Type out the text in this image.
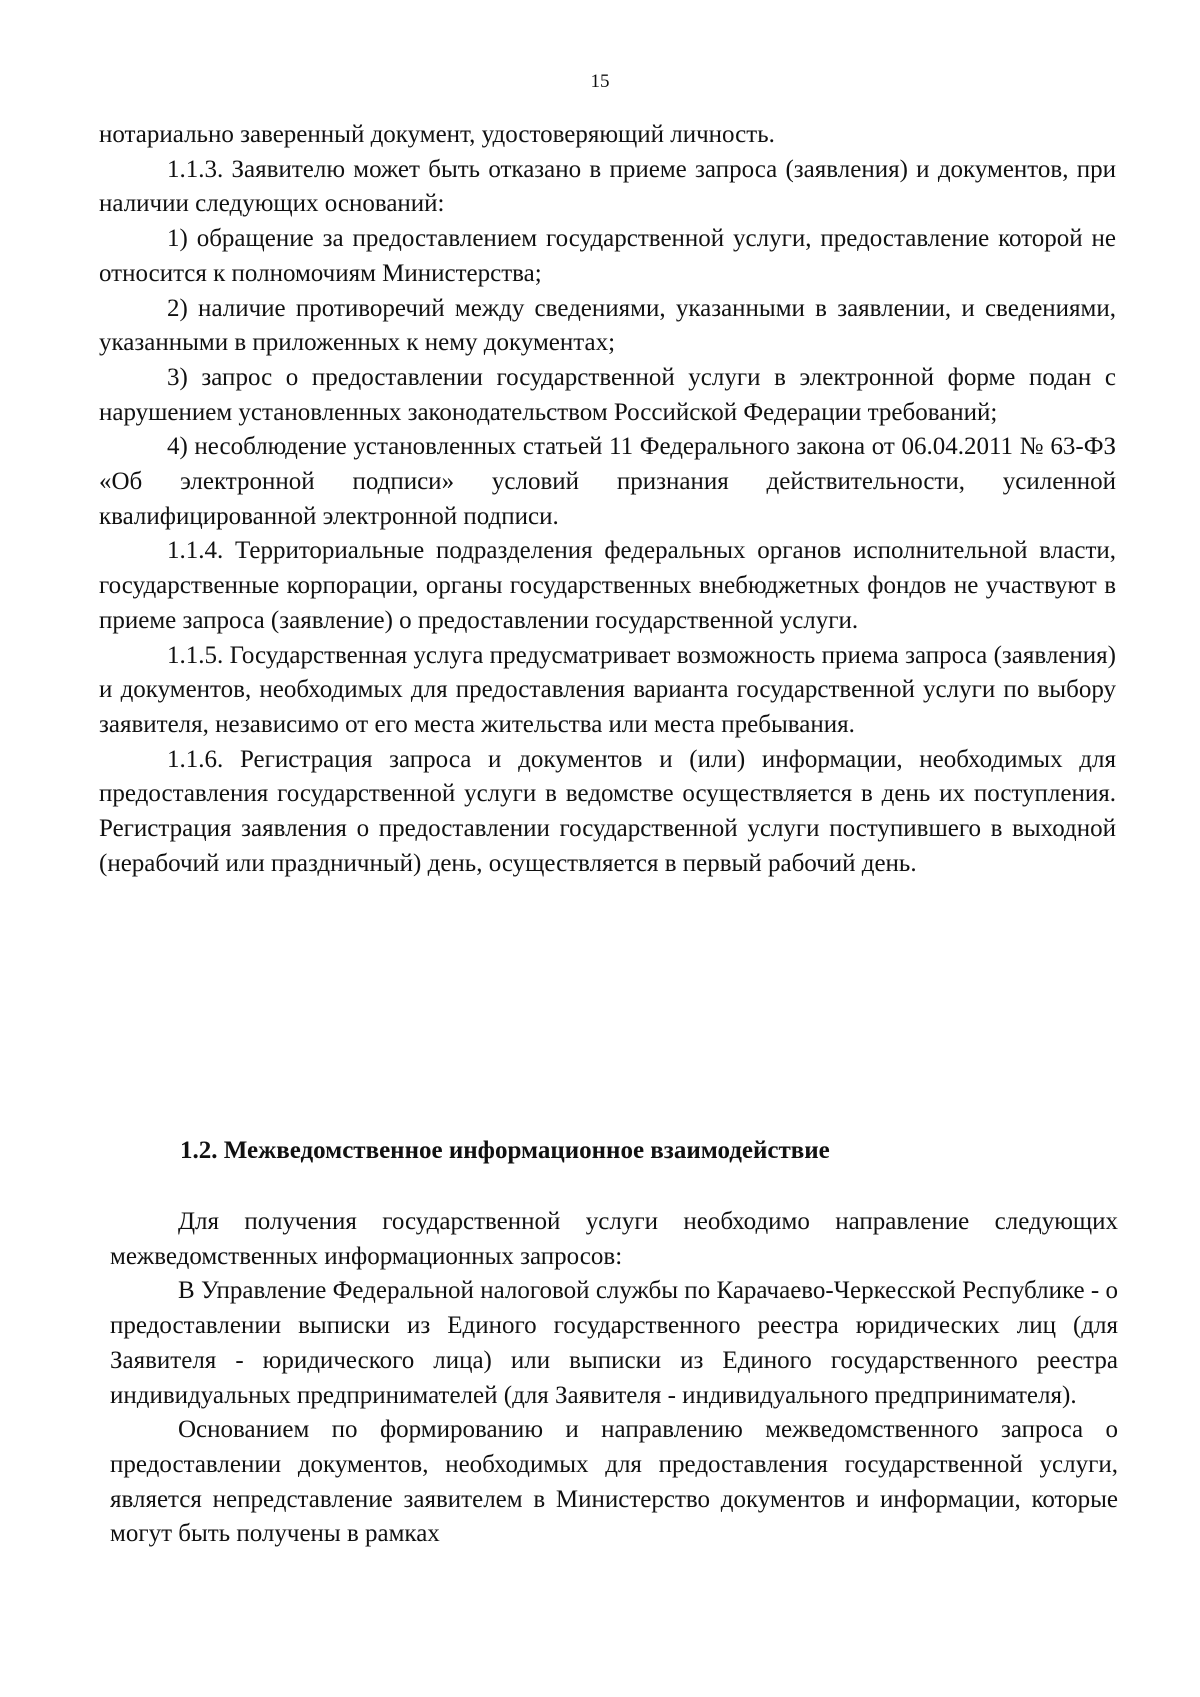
15

нотариально заверенный документ, удостоверяющий личность.

1.1.3. Заявителю может быть отказано в приеме запроса (заявления) и документов, при наличии следующих оснований:

1) обращение за предоставлением государственной услуги, предоставление которой не относится к полномочиям Министерства;

2) наличие противоречий между сведениями, указанными в заявлении, и сведениями, указанными в приложенных к нему документах;

3) запрос о предоставлении государственной услуги в электронной форме подан с нарушением установленных законодательством Российской Федерации требований;

4) несоблюдение установленных статьей 11 Федерального закона от 06.04.2011 № 63-ФЗ «Об электронной подписи» условий признания действительности, усиленной квалифицированной электронной подписи.

1.1.4. Территориальные подразделения федеральных органов исполнительной власти, государственные корпорации, органы государственных внебюджетных фондов не участвуют в приеме запроса (заявление) о предоставлении государственной услуги.

1.1.5. Государственная услуга предусматривает возможность приема запроса (заявления) и документов, необходимых для предоставления варианта государственной услуги по выбору заявителя, независимо от его места жительства или места пребывания.

1.1.6. Регистрация запроса и документов и (или) информации, необходимых для предоставления государственной услуги в ведомстве осуществляется в день их поступления. Регистрация заявления о предоставлении государственной услуги поступившего в выходной (нерабочий или праздничный) день, осуществляется в первый рабочий день.

1.2. Межведомственное информационное взаимодействие

Для получения государственной услуги необходимо направление следующих межведомственных информационных запросов:

В Управление Федеральной налоговой службы по Карачаево-Черкесской Республике - о предоставлении выписки из Единого государственного реестра юридических лиц (для Заявителя - юридического лица) или выписки из Единого государственного реестра индивидуальных предпринимателей (для Заявителя - индивидуального предпринимателя).

Основанием по формированию и направлению межведомственного запроса о предоставлении документов, необходимых для предоставления государственной услуги, является непредставление заявителем в Министерство документов и информации, которые могут быть получены в рамках
